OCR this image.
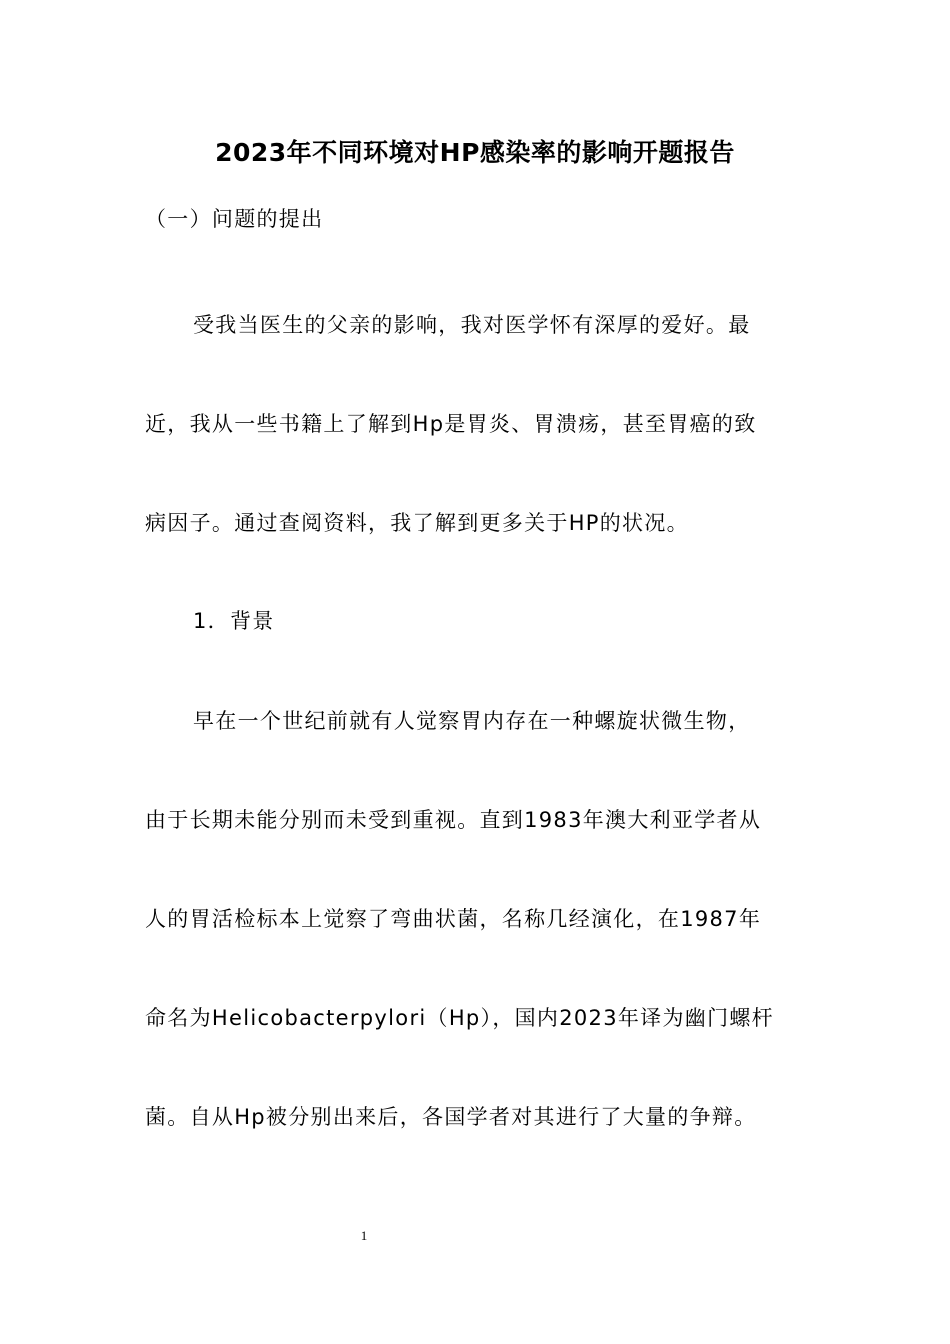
2023年不同环境对HP感染率的影响开题报告
（一）问题的提出
受我当医生的父亲的影响，我对医学怀有深厚的爱好。最
近，我从一些书籍上了解到Hp是胃炎、胃溃疡，甚至胃癌的致
病因子。通过查阅资料，我了解到更多关于HP的状况。
1．背景
早在一个世纪前就有人觉察胃内存在一种螺旋状微生物，
由于长期未能分别而未受到重视。直到1983年澳大利亚学者从
人的胃活检标本上觉察了弯曲状菌，名称几经演化，在1987年
命名为Helicobacterpylori（Hp），国内2023年译为幽门螺杆
菌。自从Hp被分别出来后，各国学者对其进行了大量的争辩。
1
